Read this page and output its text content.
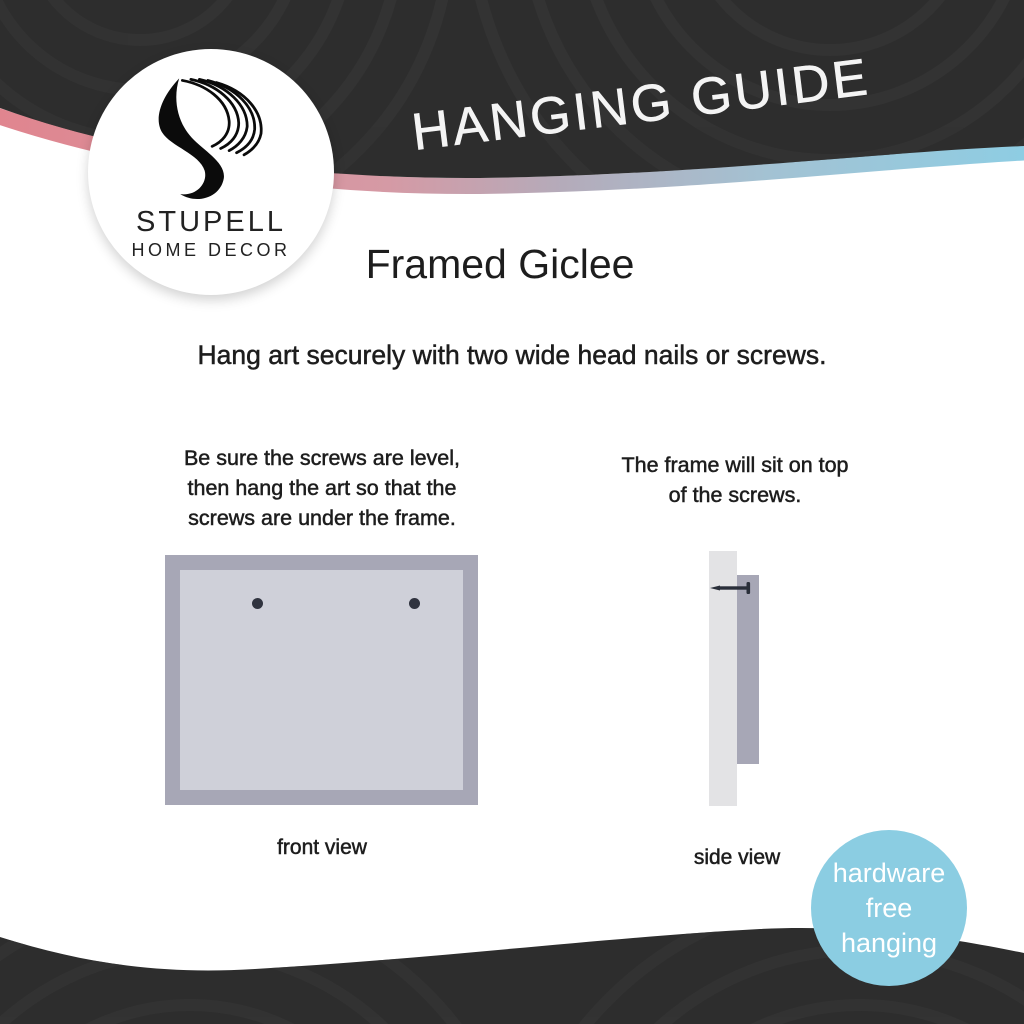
HANGING GUIDE
STUPELL
HOME DECOR	Framed Giclee
Hang art securely with two wide head nails or screws.
Be sure the screws are level,
then hang the art so that the
screws are under the frame.
front view
The frame will sit on top
of the screws.
side view	hardware
free
hanging
